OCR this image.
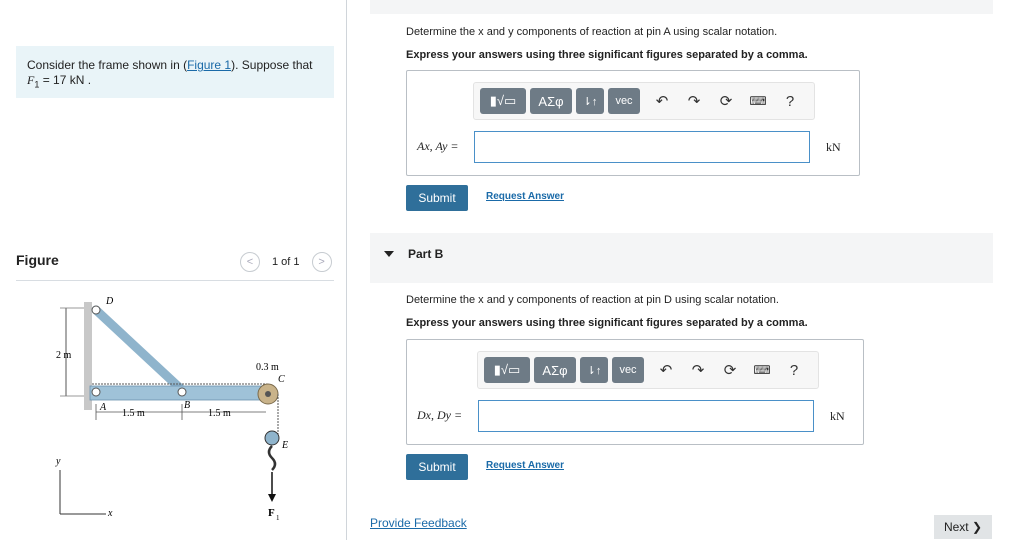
Consider the frame shown in (Figure 1). Suppose that
$F_1 = 17$ kN .
Figure	<	1 of 1	>
2 m
D
A	B
C
E
1.5 m	1.5 m
0.3 m
y
x	F 1
Determine the x and y components of reaction at pin A using scalar notation.
Express your answers using three significant figures separated by a comma.
▮√▭	ΑΣφ	⇂↑	vec	↶	↷	⟳	⌨	?
Ax, Ay =	kN
Submit	Request Answer
Part B
Determine the x and y components of reaction at pin D using scalar notation.
Express your answers using three significant figures separated by a comma.
▮√▭	ΑΣφ	⇂↑	vec	↶	↷	⟳	⌨	?
Dx, Dy =	kN
Submit	Request Answer
Provide Feedback	Next ❯
